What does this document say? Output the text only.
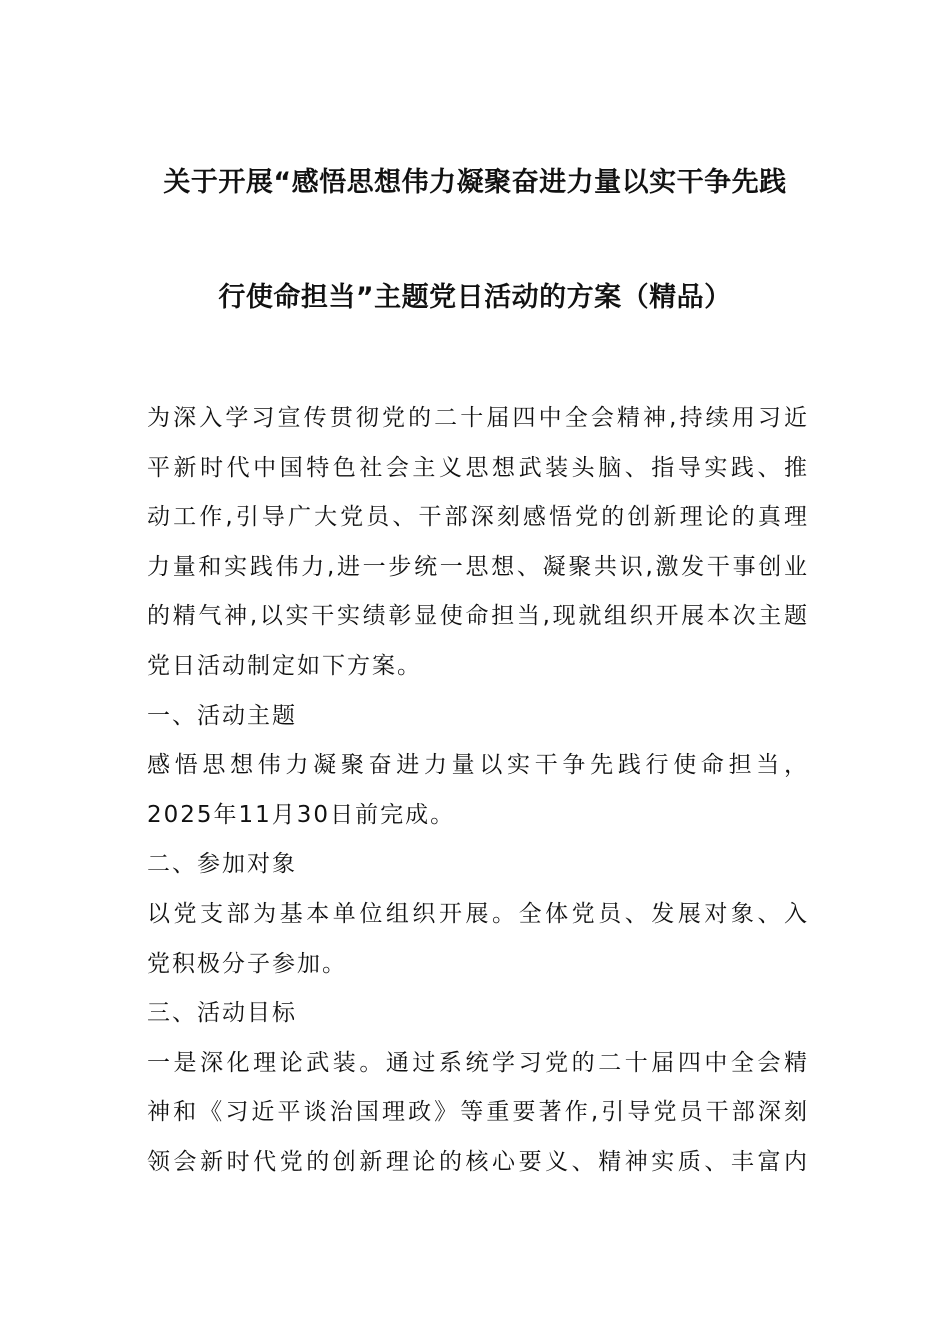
关于开展“感悟思想伟力凝聚奋进力量以实干争先践
行使命担当”主题党日活动的方案（精品）
为深入学习宣传贯彻党的二十届四中全会精神,持续用习近
平新时代中国特色社会主义思想武装头脑、指导实践、推
动工作,引导广大党员、干部深刻感悟党的创新理论的真理
力量和实践伟力,进一步统一思想、凝聚共识,激发干事创业
的精气神,以实干实绩彰显使命担当,现就组织开展本次主题
党日活动制定如下方案。
一、活动主题
感悟思想伟力凝聚奋进力量以实干争先践行使命担当，
2025年11月30日前完成。
二、参加对象
以党支部为基本单位组织开展。全体党员、发展对象、入
党积极分子参加。
三、活动目标
一是深化理论武装。通过系统学习党的二十届四中全会精
神和《习近平谈治国理政》等重要著作,引导党员干部深刻
领会新时代党的创新理论的核心要义、精神实质、丰富内
